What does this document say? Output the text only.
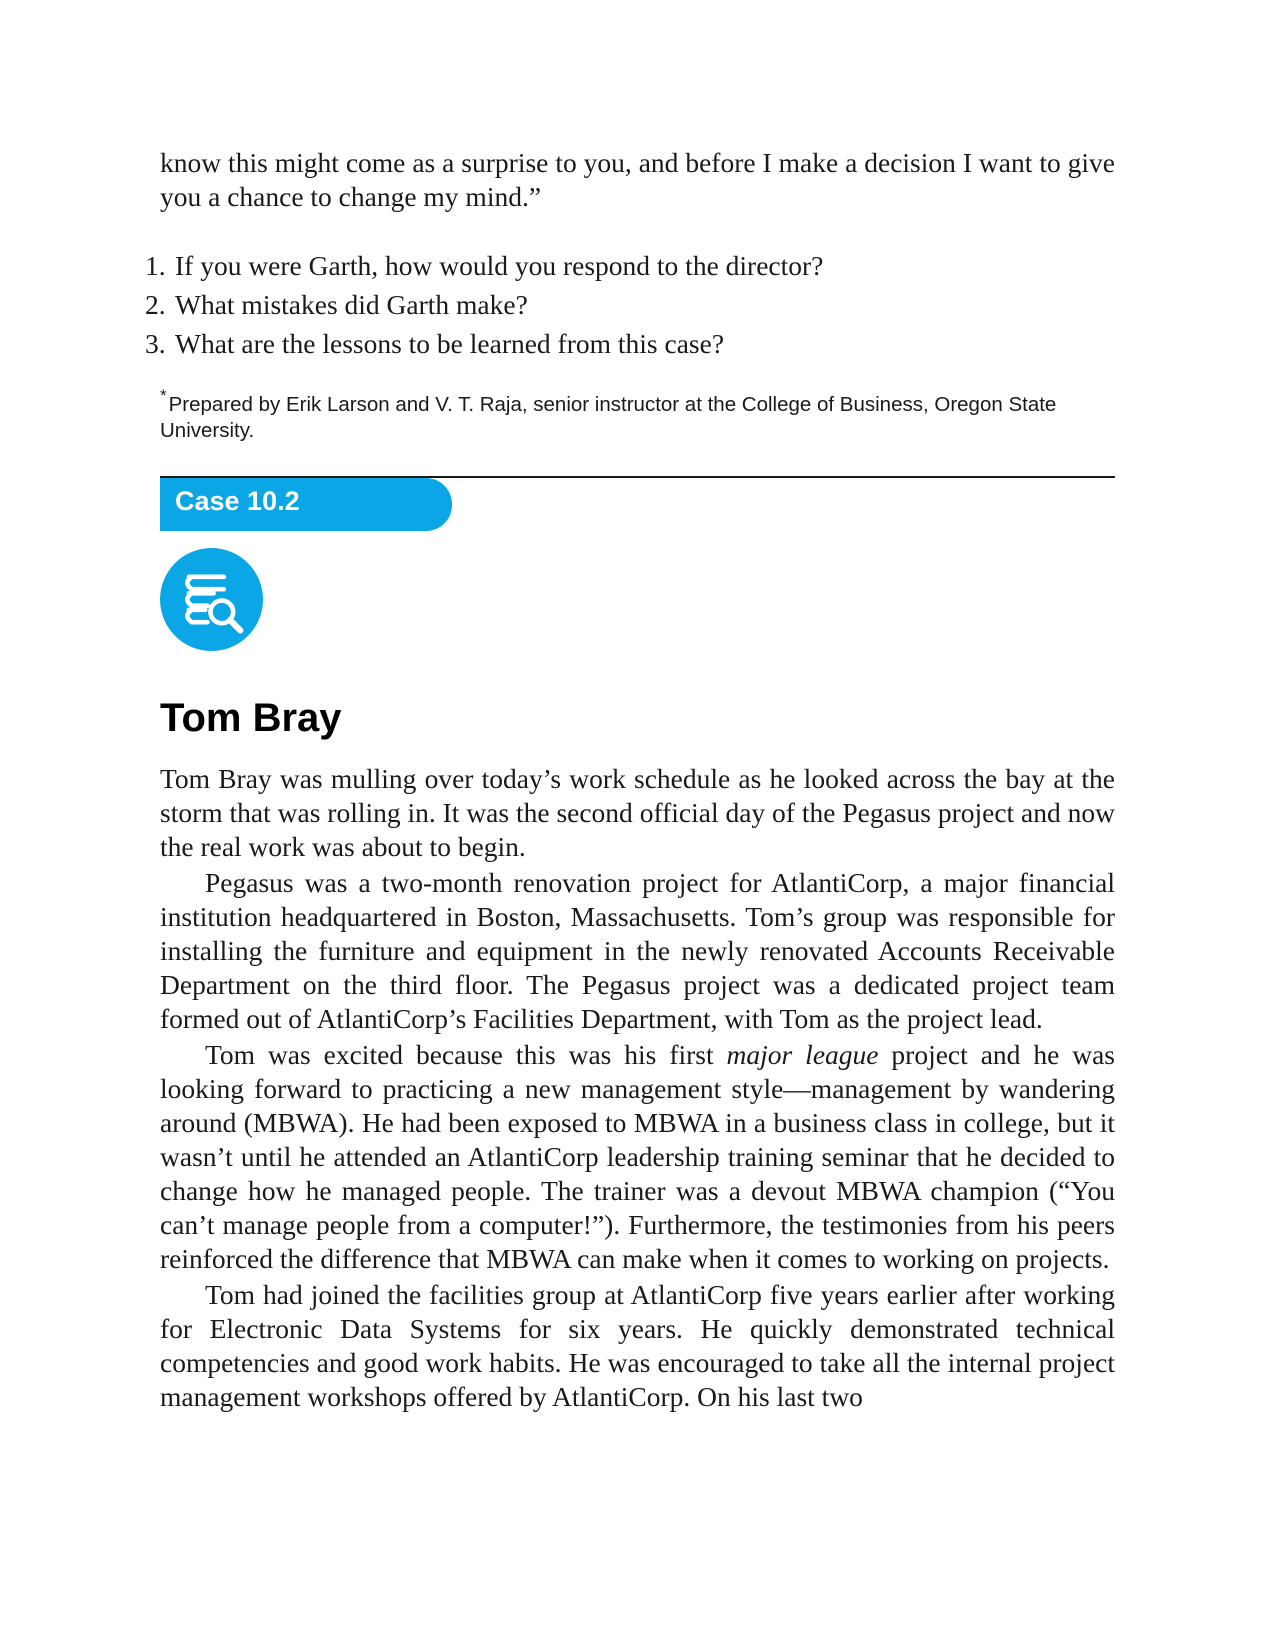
know this might come as a surprise to you, and before I make a decision I want to give you a chance to change my mind.”

1. If you were Garth, how would you respond to the director?
2. What mistakes did Garth make?
3. What are the lessons to be learned from this case?

*Prepared by Erik Larson and V. T. Raja, senior instructor at the College of Business, Oregon State University.

Case 10.2
Tom Bray

Tom Bray was mulling over today’s work schedule as he looked across the bay at the storm that was rolling in. It was the second official day of the Pegasus project and now the real work was about to begin.

Pegasus was a two-month renovation project for AtlantiCorp, a major financial institution headquartered in Boston, Massachusetts. Tom’s group was responsible for installing the furniture and equipment in the newly renovated Accounts Receivable Department on the third floor. The Pegasus project was a dedicated project team formed out of AtlantiCorp’s Facilities Department, with Tom as the project lead.

Tom was excited because this was his first major league project and he was looking forward to practicing a new management style—management by wandering around (MBWA). He had been exposed to MBWA in a business class in college, but it wasn’t until he attended an AtlantiCorp leadership training seminar that he decided to change how he managed people. The trainer was a devout MBWA champion (“You can’t manage people from a computer!”). Furthermore, the testimonies from his peers reinforced the difference that MBWA can make when it comes to working on projects.

Tom had joined the facilities group at AtlantiCorp five years earlier after working for Electronic Data Systems for six years. He quickly demonstrated technical competencies and good work habits. He was encouraged to take all the internal project management workshops offered by AtlantiCorp. On his last two
